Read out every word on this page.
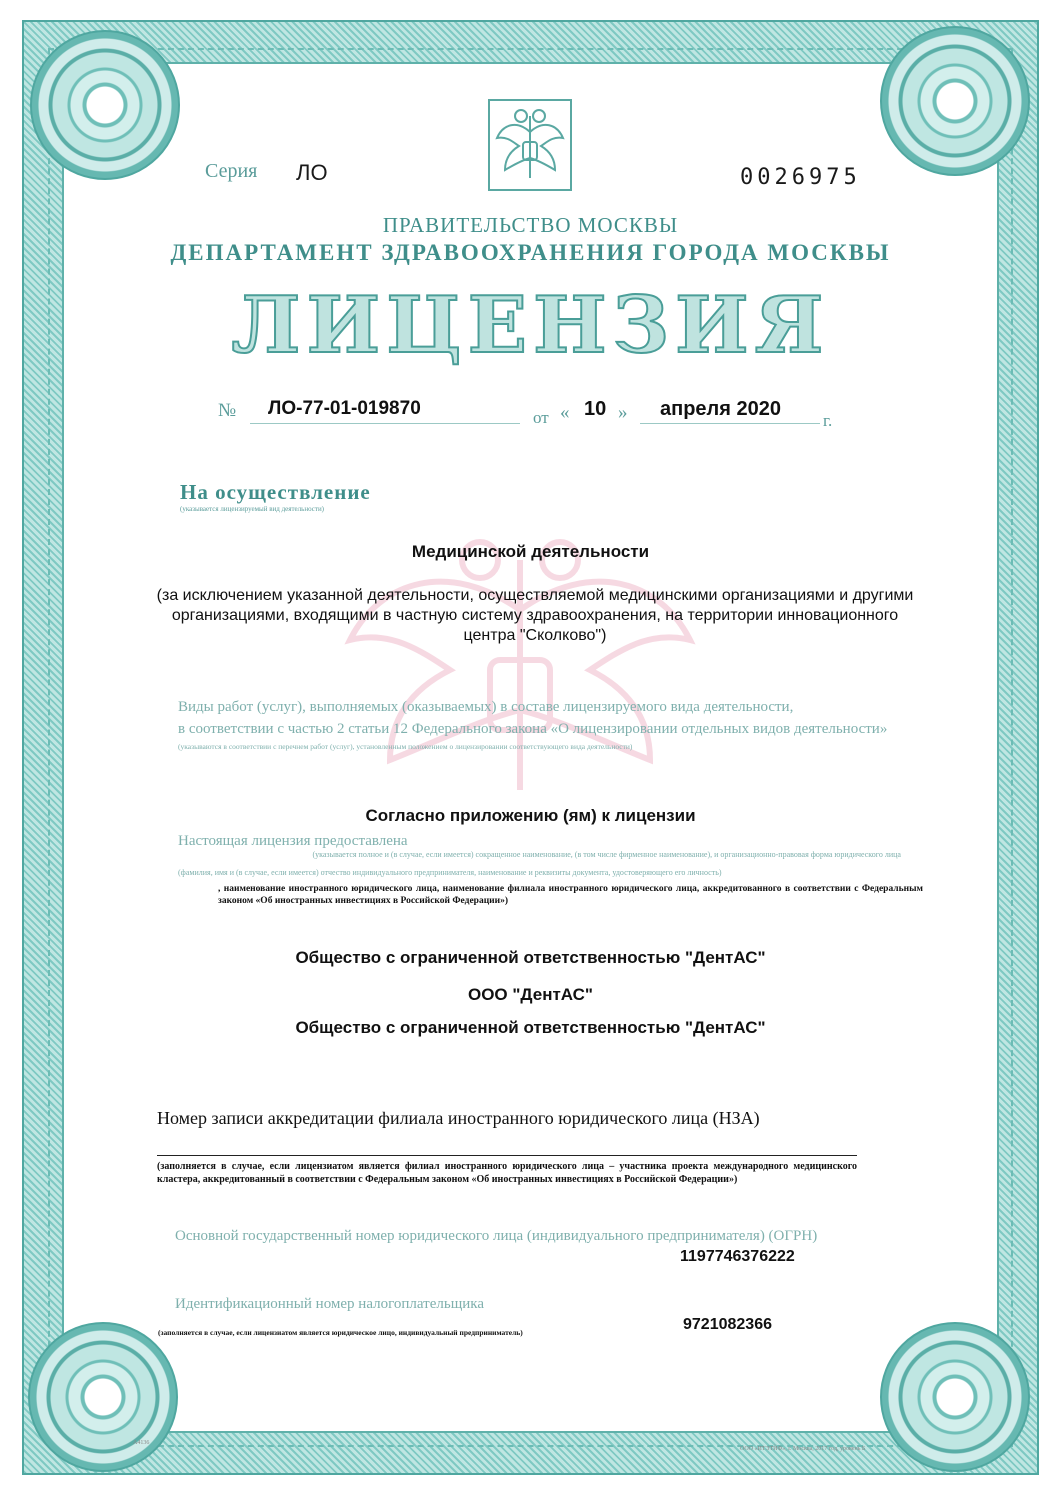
Серия ЛО	0026975
ПРАВИТЕЛЬСТВО МОСКВЫ
ДЕПАРТАМЕНТ ЗДРАВООХРАНЕНИЯ ГОРОДА МОСКВЫ
ЛИЦЕНЗИЯ
№ ЛО-77-01-019870	от « 10 » апреля 2020
г.
На осуществление
(указывается лицензируемый вид деятельности)
Медицинской деятельности
(за исключением указанной деятельности, осуществляемой медицинскими организациями и другими организациями, входящими в частную систему здравоохранения, на территории инновационного центра "Сколково")
Виды работ (услуг), выполняемых (оказываемых) в составе лицензируемого вида деятельности,
в соответствии с частью 2 статьи 12 Федерального закона «О лицензировании отдельных видов деятельности»
(указываются в соответствии с перечнем работ (услуг), установленным положением о лицензировании соответствующего вида деятельности)
Согласно приложению (ям) к лицензии
Настоящая лицензия предоставлена
(указывается полное и (в случае, если имеется) сокращенное наименование, (в том числе фирменное наименование), и организационно-правовая форма юридического лица (фамилия, имя и (в случае, если имеется) отчество индивидуального предпринимателя, наименование и реквизиты документа, удостоверяющего его личность)
, наименование иностранного юридического лица, наименование филиала иностранного юридического лица, аккредитованного в соответствии с Федеральным законом «Об иностранных инвестициях в Российской Федерации»)
Общество с ограниченной ответственностью "ДентАС"
ООО "ДентАС"
Общество с ограниченной ответственностью "ДентАС"
Номер записи аккредитации филиала иностранного юридического лица (НЗА)
(заполняется в случае, если лицензиатом является филиал иностранного юридического лица – участника проекта международного медицинского кластера, аккредитованный в соответствии с Федеральным законом «Об иностранных инвестициях в Российской Федерации»)
Основной государственный номер юридического лица (индивидуального предпринимателя) (ОГРН)
1197746376222
Идентификационный номер налогоплательщика
9721082366
(заполняется в случае, если лицензиатом является юридическое лицо, индивидуальный предприниматель)
А4136
ООО «ИТЭТЙФ», г. Москва, 2017 год, уровень Б
